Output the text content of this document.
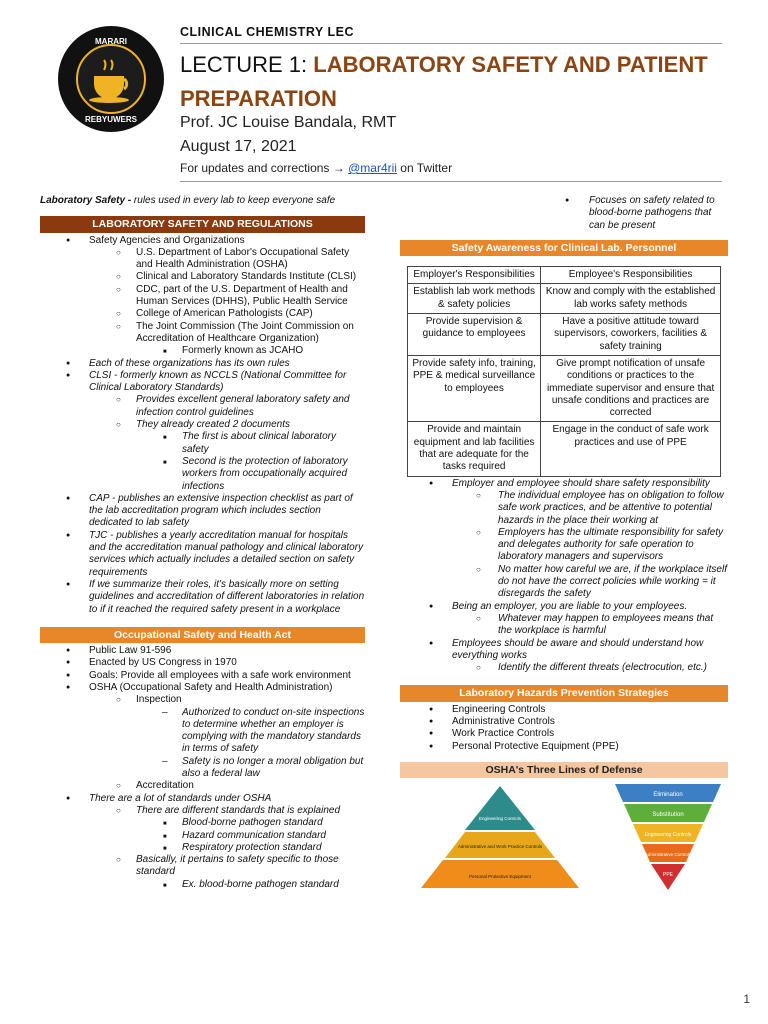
MARARI
REBYUWERS
CLINICAL CHEMISTRY LEC
LECTURE 1: LABORATORY SAFETY AND PATIENT PREPARATION
Prof. JC Louise Bandala, RMT
August 17, 2021
For updates and corrections → @mar4rii on Twitter
Laboratory Safety - rules used in every lab to keep everyone safe
LABORATORY SAFETY AND REGULATIONS
● Safety Agencies and Organizations
○ U.S. Department of Labor's Occupational Safety and Health Administration (OSHA)
○ Clinical and Laboratory Standards Institute (CLSI)
○ CDC, part of the U.S. Department of Health and Human Services (DHHS), Public Health Service
○ College of American Pathologists (CAP)
○ The Joint Commission (The Joint Commission on Accreditation of Healthcare Organization)
■ Formerly known as JCAHO
● Each of these organizations has its own rules
● CLSI - formerly known as NCCLS (National Committee for Clinical Laboratory Standards)
○ Provides excellent general laboratory safety and infection control guidelines
○ They already created 2 documents
■ The first is about clinical laboratory safety
■ Second is the protection of laboratory workers from occupationally acquired infections
● CAP - publishes an extensive inspection checklist as part of the lab accreditation program which includes section dedicated to lab safety
● TJC - publishes a yearly accreditation manual for hospitals and the accreditation manual pathology and clinical laboratory services which actually includes a detailed section on safety requirements
● If we summarize their roles, it's basically more on setting guidelines and accreditation of different laboratories in relation to if it reached the required safety present in a workplace
Occupational Safety and Health Act
● Public Law 91-596
● Enacted by US Congress in 1970
● Goals: Provide all employees with a safe work environment
● OSHA (Occupational Safety and Health Administration)
○ Inspection
– Authorized to conduct on-site inspections to determine whether an employer is complying with the mandatory standards in terms of safety
– Safety is no longer a moral obligation but also a federal law
○ Accreditation
● There are a lot of standards under OSHA
○ There are different standards that is explained
■ Blood-borne pathogen standard
■ Hazard communication standard
■ Respiratory protection standard
○ Basically, it pertains to safety specific to those standard
■ Ex. blood-borne pathogen standard
● Focuses on safety related to blood-borne pathogens that can be present
Safety Awareness for Clinical Lab. Personnel
Employer's Responsibilities	Employee's Responsibilities
Establish lab work methods & safety policies	Know and comply with the established lab works safety methods
Provide supervision & guidance to employees	Have a positive attitude toward supervisors, coworkers, facilities & safety training
Provide safety info, training, PPE & medical surveillance to employees	Give prompt notification of unsafe conditions or practices to the immediate supervisor and ensure that unsafe conditions and practices are corrected
Provide and maintain equipment and lab facilities that are adequate for the tasks required	Engage in the conduct of safe work practices and use of PPE
● Employer and employee should share safety responsibility
○ The individual employee has on obligation to follow safe work practices, and be attentive to potential hazards in the place their working at
○ Employers has the ultimate responsibility for safety and delegates authority for safe operation to laboratory managers and supervisors
○ No matter how careful we are, if the workplace itself do not have the correct policies while working = it disregards the safety
● Being an employer, you are liable to your employees.
○ Whatever may happen to employees means that the workplace is harmful
● Employees should be aware and should understand how everything works
○ Identify the different threats (electrocution, etc.)
Laboratory Hazards Prevention Strategies
● Engineering Controls
● Administrative Controls
● Work Practice Controls
● Personal Protective Equipment (PPE)
OSHA's Three Lines of Defense
Engineering Controls
Administrative and Work Practice Controls
Personal Protective Equipment
Elimination
Substitution
Engineering Controls
Administrative Controls
PPE
1
